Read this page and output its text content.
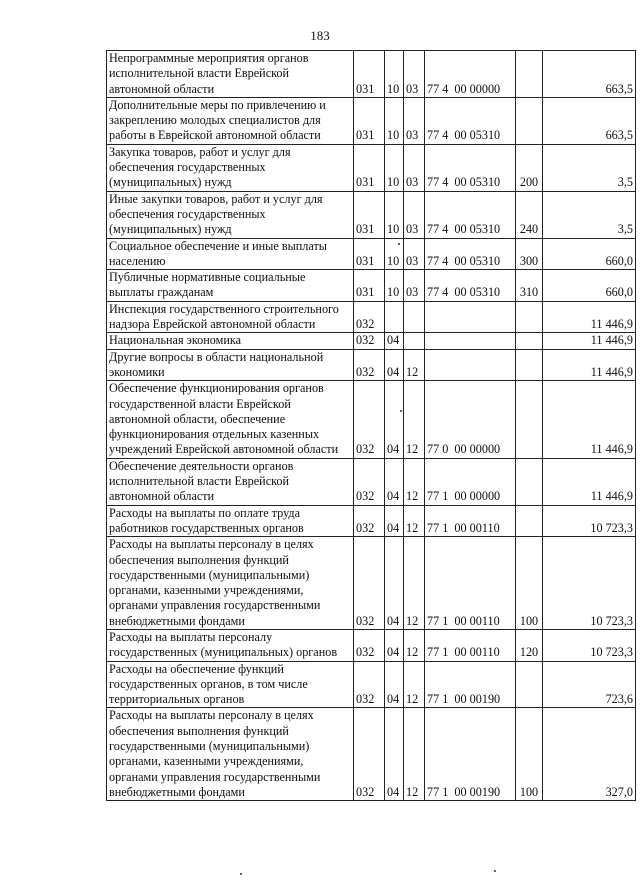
183
Непрограммные мероприятия органов исполнительной власти Еврейской автономной области	031	10	03	77 4  00 00000		663,5
Дополнительные меры по привлечению и закреплению молодых специалистов для работы в Еврейской автономной области	031	10	03	77 4  00 05310		663,5
Закупка товаров, работ и услуг для обеспечения государственных (муниципальных) нужд	031	10	03	77 4  00 05310	200	3,5
Иные закупки товаров, работ и услуг для обеспечения государственных (муниципальных) нужд	031	10	03	77 4  00 05310	240	3,5
Социальное обеспечение и иные выплаты населению	031	10	03	77 4  00 05310	300	660,0
Публичные нормативные социальные выплаты гражданам	031	10	03	77 4  00 05310	310	660,0
Инспекция государственного строительного надзора Еврейской автономной области	032					11 446,9
Национальная экономика	032	04				11 446,9
Другие вопросы в области национальной экономики	032	04	12			11 446,9
Обеспечение функционирования органов государственной власти Еврейской автономной области, обеспечение функционирования отдельных казенных учреждений Еврейской автономной области	032	04	12	77 0  00 00000		11 446,9
Обеспечение деятельности органов исполнительной власти Еврейской автономной области	032	04	12	77 1  00 00000		11 446,9
Расходы на выплаты по оплате труда работников государственных органов	032	04	12	77 1  00 00110		10 723,3
Расходы на выплаты персоналу в целях обеспечения выполнения функций государственными (муниципальными) органами, казенными учреждениями, органами управления государственными внебюджетными фондами	032	04	12	77 1  00 00110	100	10 723,3
Расходы на выплаты персоналу государственных (муниципальных) органов	032	04	12	77 1  00 00110	120	10 723,3
Расходы на обеспечение функций государственных органов, в том числе территориальных органов	032	04	12	77 1  00 00190		723,6
Расходы на выплаты персоналу в целях обеспечения выполнения функций государственными (муниципальными) органами, казенными учреждениями, органами управления государственными внебюджетными фондами	032	04	12	77 1  00 00190	100	327,0
